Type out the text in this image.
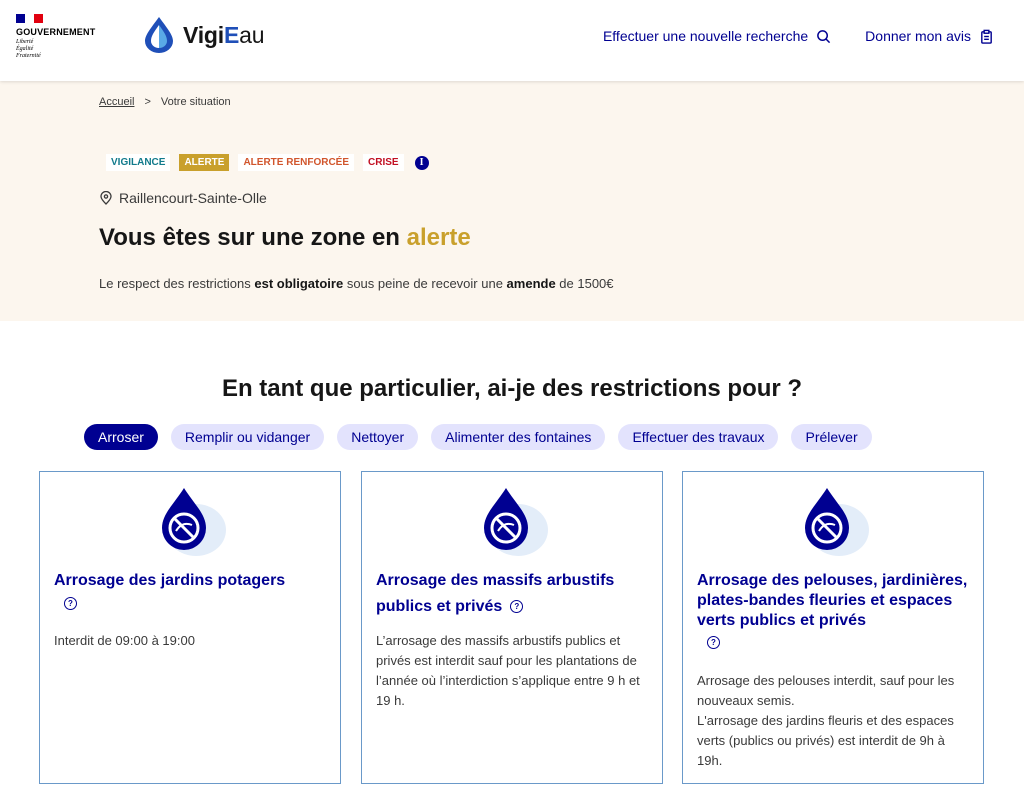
GOUVERNEMENT
Liberté
Égalité
Fraternité
VigiEau	Effectuer une nouvelle recherche	Donner mon avis
Accueil > Votre situation
VIGILANCE	ALERTE	ALERTE RENFORCÉE	CRISE	I
Raillencourt-Sainte-Olle
Vous êtes sur une zone en alerte

Le respect des restrictions est obligatoire sous peine de recevoir une amende de 1500€

En tant que particulier, ai-je des restrictions pour ?
Arroser	Remplir ou vidanger	Nettoyer	Alimenter des fontaines	Effectuer des travaux	Prélever
Arrosage des jardins potagers
?
Interdit de 09:00 à 19:00
Arrosage des massifs arbustifs publics et privés ?
L’arrosage des massifs arbustifs publics et privés est interdit sauf pour les plantations de l’année où l’interdiction s’applique entre 9 h et 19 h.
Arrosage des pelouses, jardinières, plates-bandes fleuries et espaces verts publics et privés
?
Arrosage des pelouses interdit, sauf pour les nouveaux semis.
L'arrosage des jardins fleuris et des espaces verts (publics ou privés) est interdit de 9h à 19h.
